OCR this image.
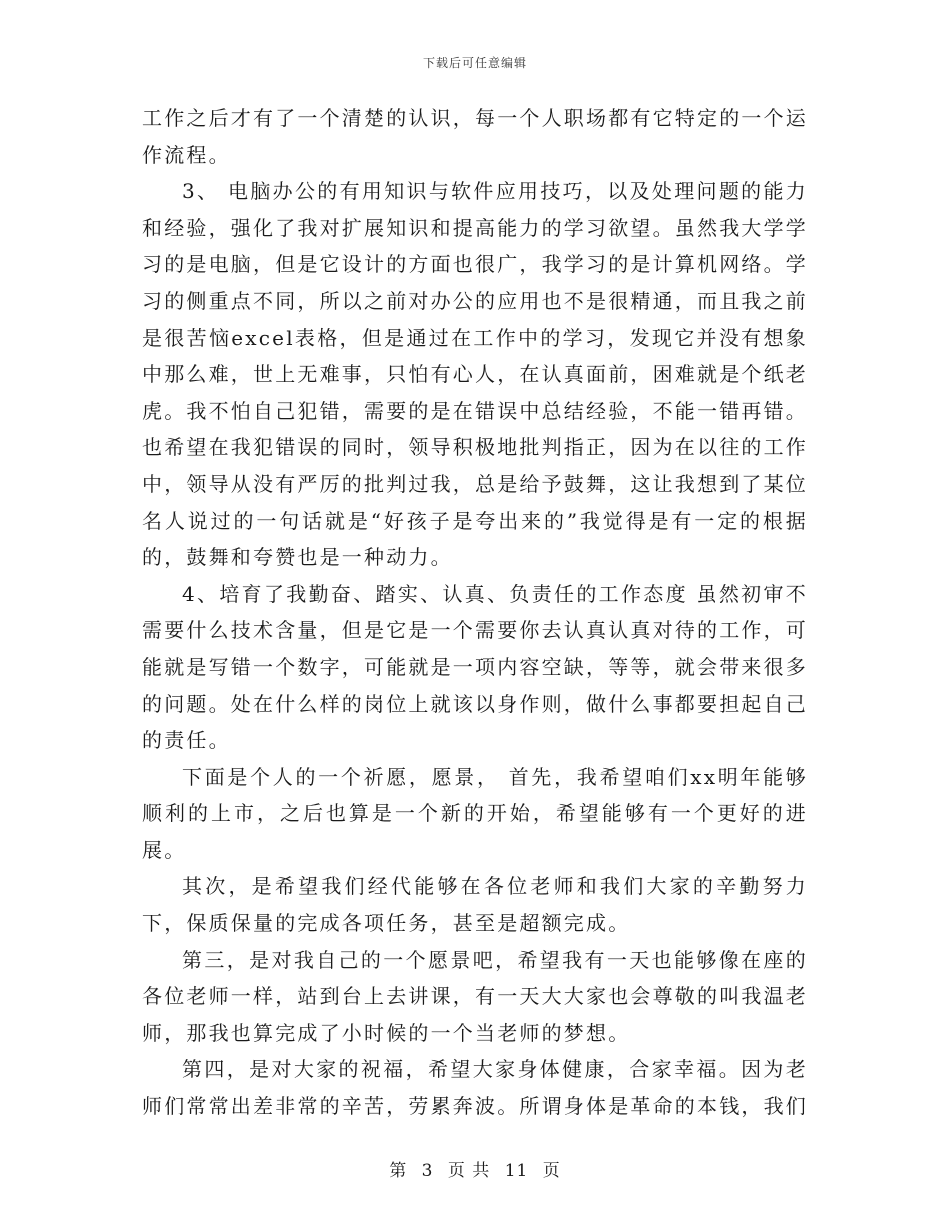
下载后可任意编辑

工作之后才有了一个清楚的认识，每一个人职场都有它特定的一个运作流程。

3、 电脑办公的有用知识与软件应用技巧，以及处理问题的能力和经验，强化了我对扩展知识和提高能力的学习欲望。虽然我大学学习的是电脑，但是它设计的方面也很广，我学习的是计算机网络。学习的侧重点不同，所以之前对办公的应用也不是很精通，而且我之前是很苦恼excel表格，但是通过在工作中的学习，发现它并没有想象中那么难，世上无难事，只怕有心人，在认真面前，困难就是个纸老虎。我不怕自己犯错，需要的是在错误中总结经验，不能一错再错。也希望在我犯错误的同时，领导积极地批判指正，因为在以往的工作中，领导从没有严厉的批判过我，总是给予鼓舞，这让我想到了某位名人说过的一句话就是“好孩子是夸出来的”我觉得是有一定的根据的，鼓舞和夸赞也是一种动力。

4、培育了我勤奋、踏实、认真、负责任的工作态度 虽然初审不需要什么技术含量，但是它是一个需要你去认真认真对待的工作，可能就是写错一个数字，可能就是一项内容空缺，等等，就会带来很多的问题。处在什么样的岗位上就该以身作则，做什么事都要担起自己的责任。

下面是个人的一个祈愿，愿景， 首先，我希望咱们xx明年能够顺利的上市，之后也算是一个新的开始，希望能够有一个更好的进展。

其次，是希望我们经代能够在各位老师和我们大家的辛勤努力下，保质保量的完成各项任务，甚至是超额完成。

第三，是对我自己的一个愿景吧，希望我有一天也能够像在座的各位老师一样，站到台上去讲课，有一天大大家也会尊敬的叫我温老师，那我也算完成了小时候的一个当老师的梦想。

第四，是对大家的祝福，希望大家身体健康，合家幸福。因为老师们常常出差非常的辛苦，劳累奔波。所谓身体是革命的本钱，我们

第 3 页 共 11 页
